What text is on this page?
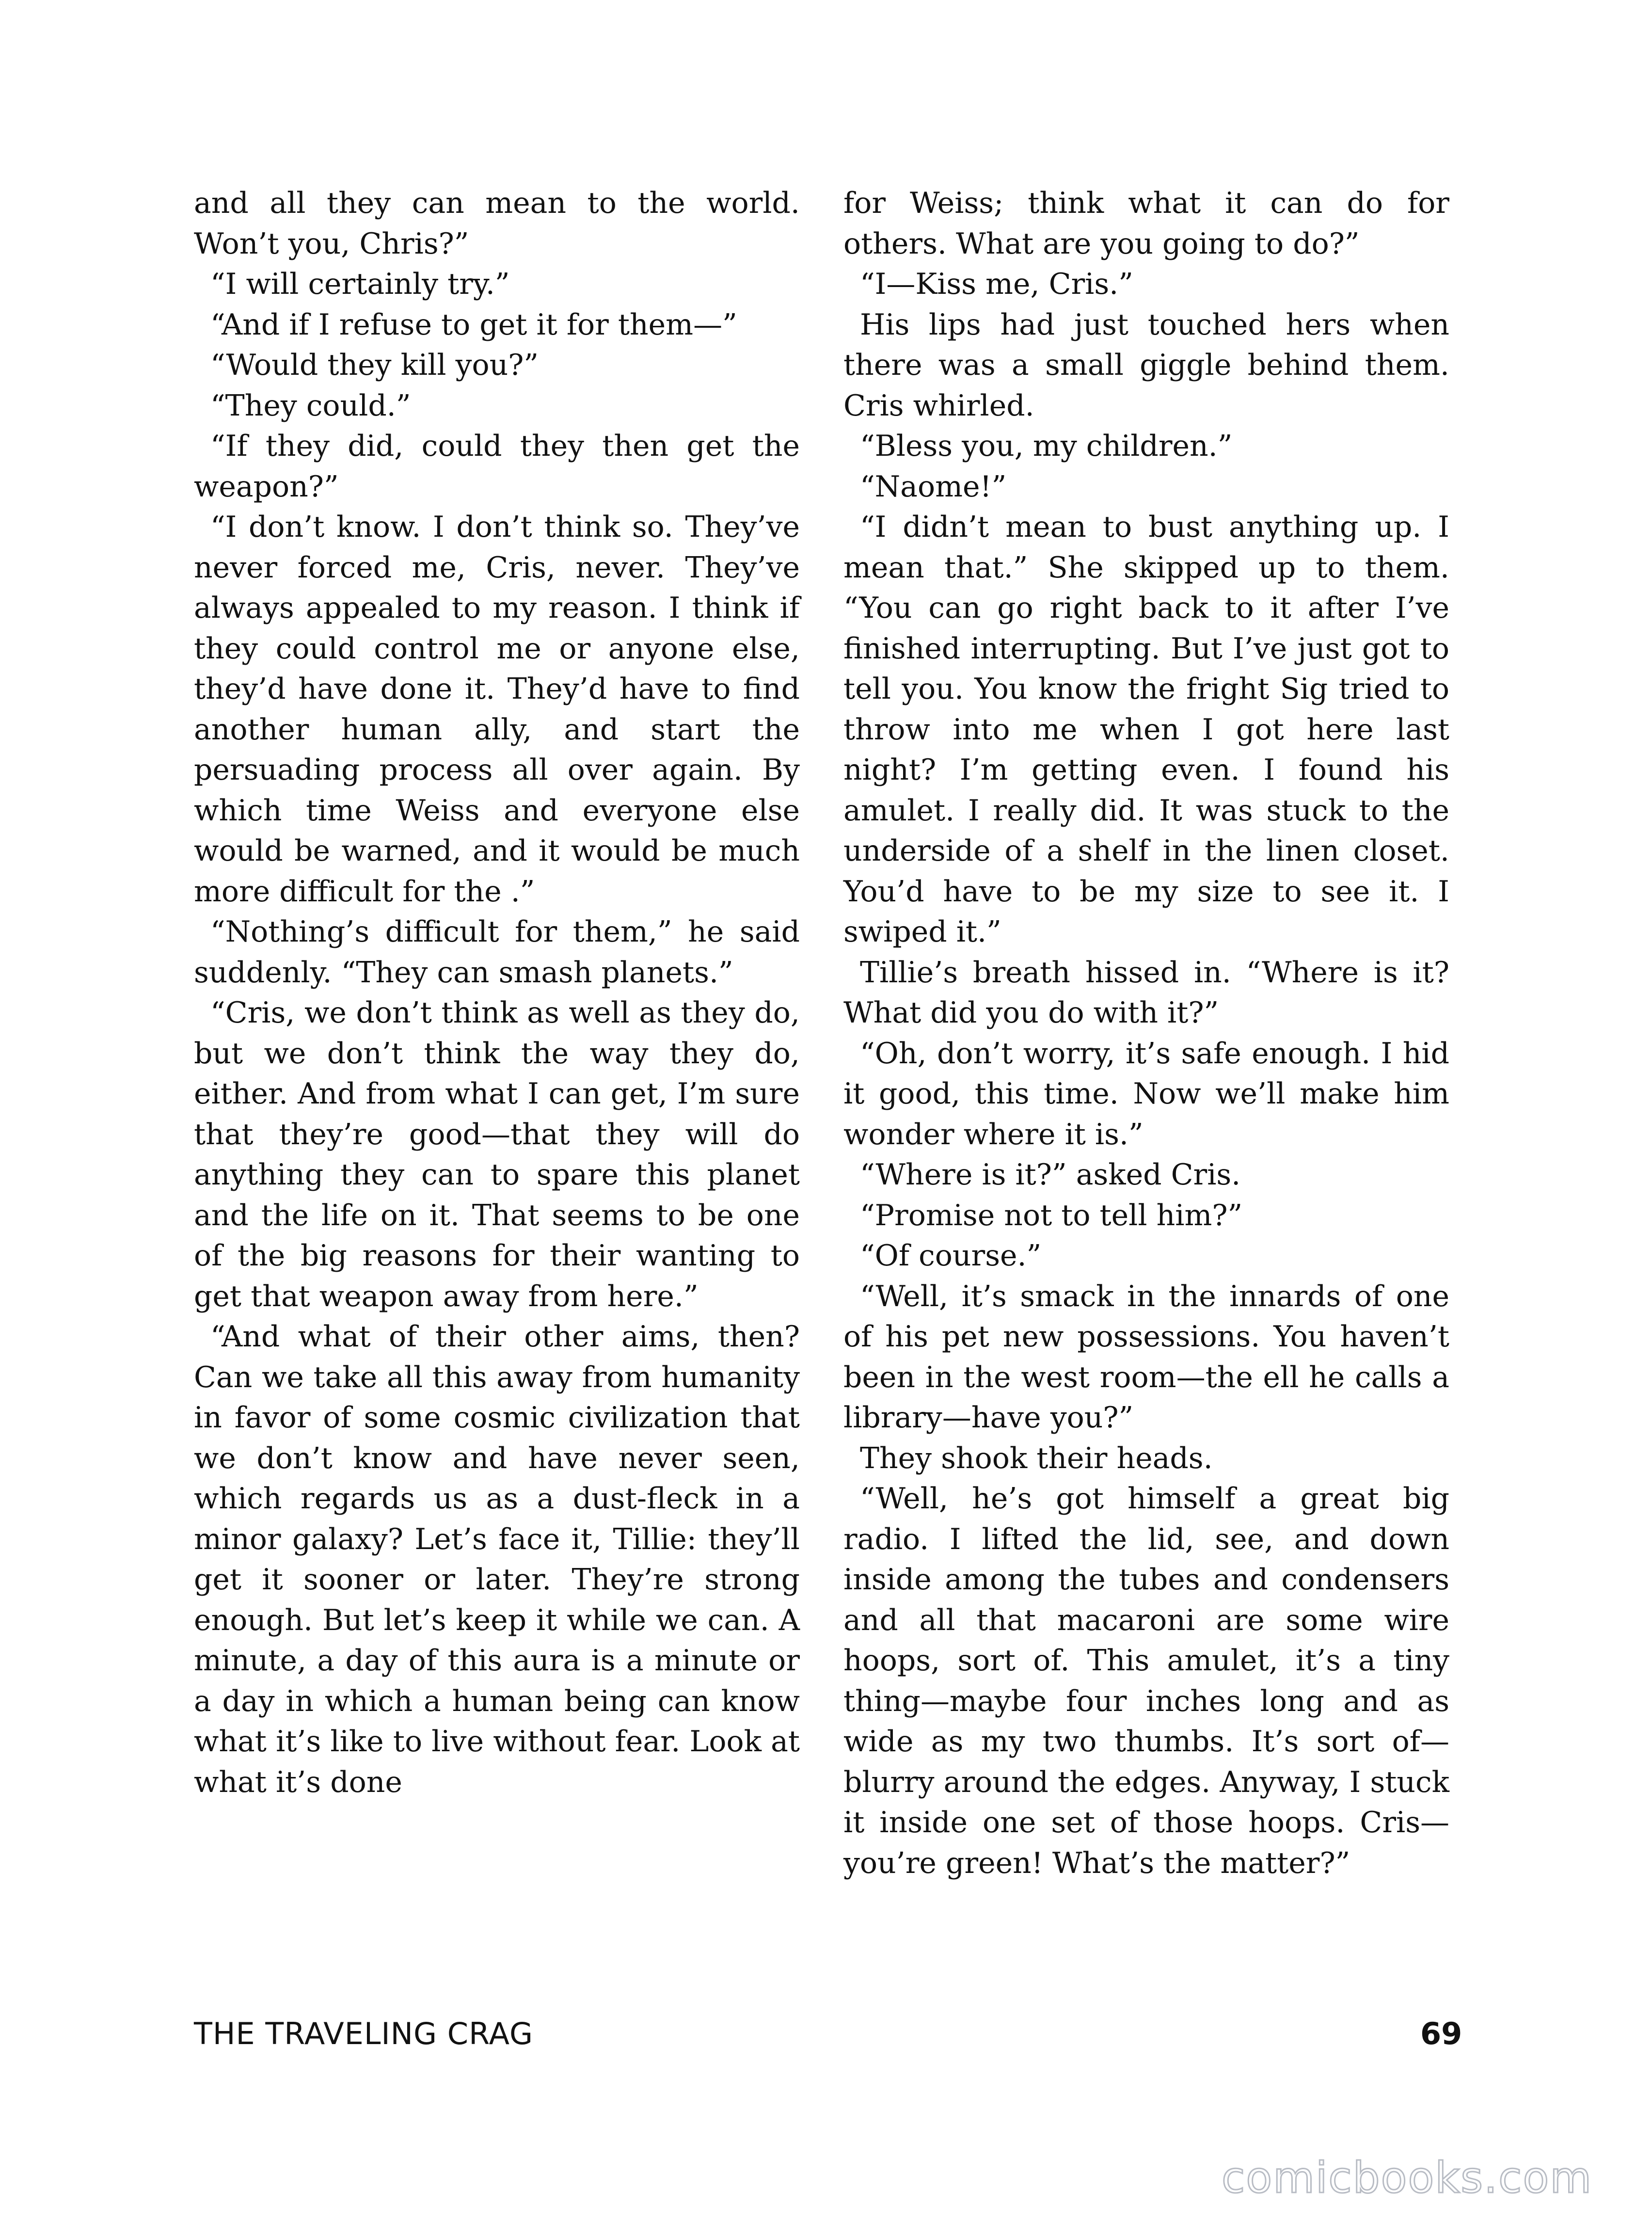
and all they can mean to the world. Won’t you, Chris?”

“I will certainly try.”

“And if I refuse to get it for them—”

“Would they kill you?”

“They could.”

“If they did, could they then get the weapon?”

“I don’t know. I don’t think so. They’ve never forced me, Cris, never. They’ve always appealed to my reason. I think if they could control me or anyone else, they’d have done it. They’d have to find another human ally, and start the persuading process all over again. By which time Weiss and everyone else would be warned, and it would be much more difficult for the .”

“Nothing’s difficult for them,” he said suddenly. “They can smash planets.”

“Cris, we don’t think as well as they do, but we don’t think the way they do, either. And from what I can get, I’m sure that they’re good—that they will do anything they can to spare this planet and the life on it. That seems to be one of the big reasons for their wanting to get that weapon away from here.”

“And what of their other aims, then? Can we take all this away from humanity in favor of some cosmic civilization that we don’t know and have never seen, which regards us as a dust-fleck in a minor galaxy? Let’s face it, Tillie: they’ll get it sooner or later. They’re strong enough. But let’s keep it while we can. A minute, a day of this aura is a minute or a day in which a human being can know what it’s like to live without fear. Look at what it’s done

for Weiss; think what it can do for others. What are you going to do?”

“I—Kiss me, Cris.”

His lips had just touched hers when there was a small giggle behind them. Cris whirled.

“Bless you, my children.”

“Naome!”

“I didn’t mean to bust anything up. I mean that.” She skipped up to them. “You can go right back to it after I’ve finished interrupting. But I’ve just got to tell you. You know the fright Sig tried to throw into me when I got here last night? I’m getting even. I found his amulet. I really did. It was stuck to the underside of a shelf in the linen closet. You’d have to be my size to see it. I swiped it.”

Tillie’s breath hissed in. “Where is it? What did you do with it?”

“Oh, don’t worry, it’s safe enough. I hid it good, this time. Now we’ll make him wonder where it is.”

“Where is it?” asked Cris.

“Promise not to tell him?”

“Of course.”

“Well, it’s smack in the innards of one of his pet new possessions. You haven’t been in the west room—the ell he calls a library—have you?”

They shook their heads.

“Well, he’s got himself a great big radio. I lifted the lid, see, and down inside among the tubes and condensers and all that macaroni are some wire hoops, sort of. This amulet, it’s a tiny thing—maybe four inches long and as wide as my two thumbs. It’s sort of—blurry around the edges. Anyway, I stuck it inside one set of those hoops. Cris—you’re green! What’s the matter?”

THE TRAVELING CRAG	69
comicbooks.com
